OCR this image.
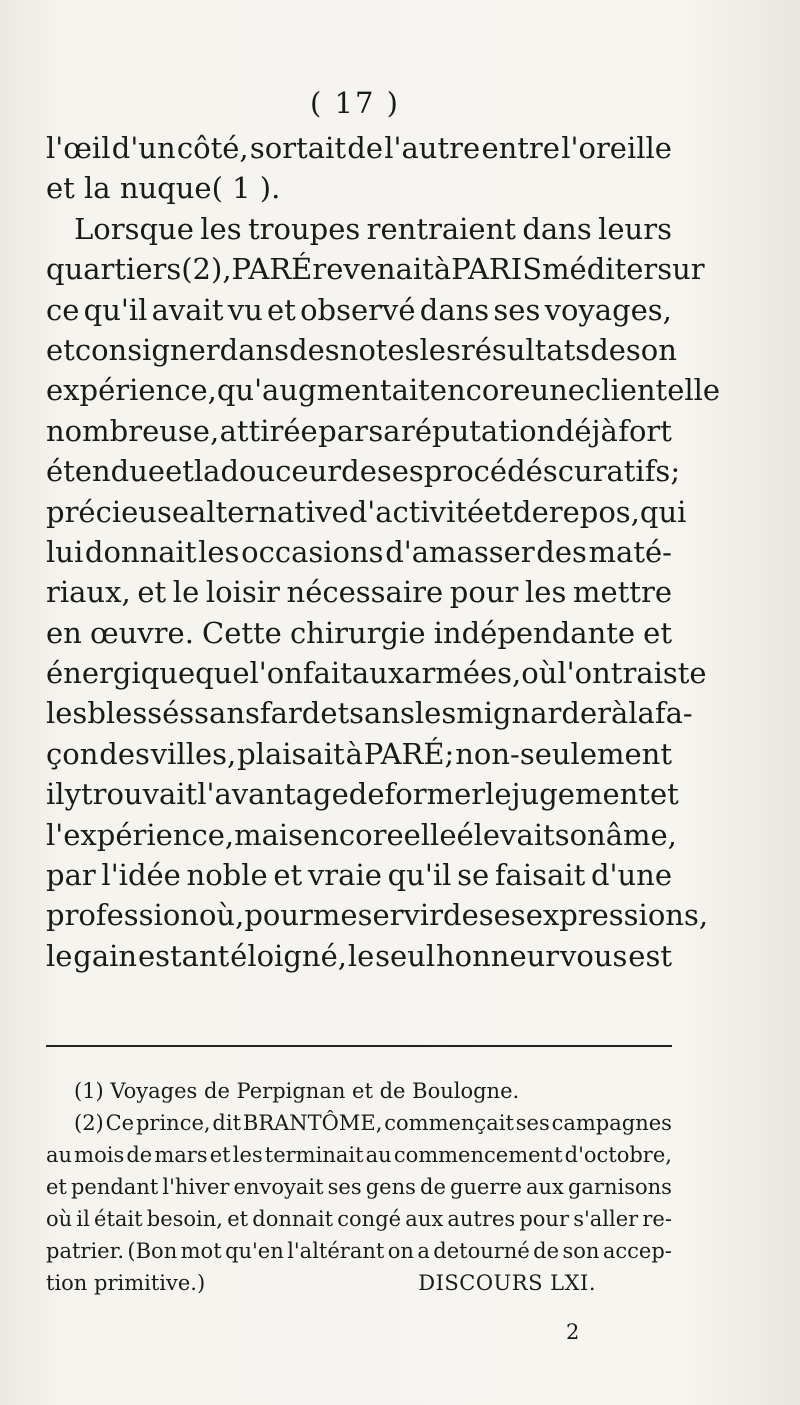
( 17 )
l'œil d'un côté, sortait de l'autre entre l'oreille
et la nuque( 1 ).
Lorsque les troupes rentraient dans leurs
quartiers (2), PARÉ revenait à PARIS méditer sur
ce qu'il avait vu et observé dans ses voyages,
et consigner dans des notes les résultats de son
expérience, qu'augmentait encore une clientelle
nombreuse, attirée par sa réputation déjà fort
étendue et la douceur de ses procédés curatifs;
précieuse alternative d'activité et de repos, qui
lui donnait les occasions d'amasser des maté-
riaux, et le loisir nécessaire pour les mettre
en œuvre. Cette chirurgie indépendante et
énergique que l'on fait aux armées, où l'on traiste
les blessés sans fard et sans les mignarder à la fa-
çon des villes, plaisait à PARÉ; non-seulement
il y trouvait l'avantage de former le jugement et
l'expérience, mais encore elle élevait son âme,
par l'idée noble et vraie qu'il se faisait d'une
profession où, pour me servir de ses expressions,
le gain estant éloigné, le seul honneur vous est
(1) Voyages de Perpignan et de Boulogne.
(2) Ce prince, dit BRANTÔME, commençait ses campagnes
au mois de mars et les terminait au commencement d'octobre,
et pendant l'hiver envoyait ses gens de guerre aux garnisons
où il était besoin, et donnait congé aux autres pour s'aller re-
patrier. (Bon mot qu'en l'altérant on a detourné de son accep-
tion primitive.)	DISCOURS LXI.
2
